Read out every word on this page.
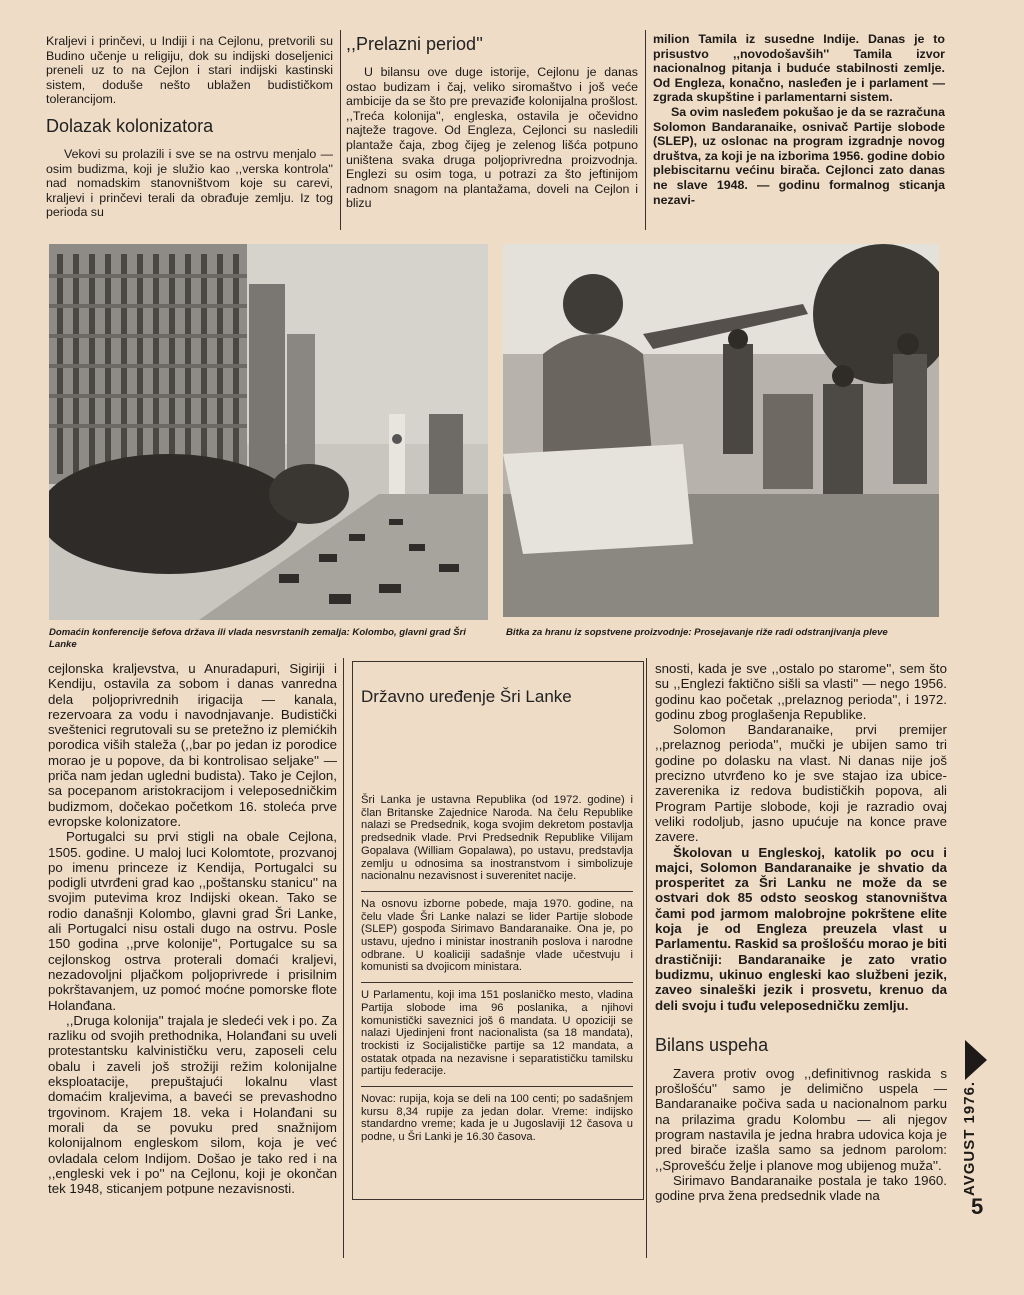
Kraljevi i prinčevi, u Indiji i na Cejlonu, pretvorili su Budino učenje u religiju, dok su indijski doseljenici preneli uz to na Cejlon i stari indijski kastinski sistem, doduše nešto ublažen budističkom tolerancijom.

Dolazak kolonizatora

Vekovi su prolazili i sve se na ostrvu menjalo — osim budizma, koji je služio kao ,,verska kontrola'' nad nomadskim stanovništvom koje su carevi, kraljevi i prinčevi terali da obrađuje zemlju. Iz tog perioda su

,,Prelazni period''

U bilansu ove duge istorije, Cejlonu je danas ostao budizam i čaj, veliko siromaštvo i još veće ambicije da se što pre prevaziđe kolonijalna prošlost. ,,Treća kolonija'', engleska, ostavila je očevidno najteže tragove. Od Engleza, Cejlonci su nasledili plantaže čaja, zbog čijeg je zelenog lišća potpuno uništena svaka druga poljoprivredna proizvodnja. Englezi su osim toga, u potrazi za što jeftinijom radnom snagom na plantažama, doveli na Cejlon i blizu

milion Tamila iz susedne Indije. Danas je to prisustvo ,,novodošavših'' Tamila izvor nacionalnog pitanja i buduće stabilnosti zemlje. Od Engleza, konačno, nasleđen je i parlament — zgrada skupštine i parlamentarni sistem.

Sa ovim nasleđem pokušao je da se razračuna Solomon Bandaranaike, osnivač Partije slobode (SLEP), uz oslonac na program izgradnje novog društva, za koji je na izborima 1956. godine dobio plebiscitarnu većinu birača. Cejlonci zato danas ne slave 1948. — godinu formalnog sticanja nezavi-

Domaćin konferencije šefova država ili vlada nesvrstanih zemalja: Kolombo, glavni grad Šri Lanke
Bitka za hranu iz sopstvene proizvodnje: Prosejavanje riže radi odstranjivanja pleve

cejlonska kraljevstva, u Anuradapuri, Sigiriji i Kendiju, ostavila za sobom i danas vanredna dela poljoprivrednih irigacija — kanala, rezervoara za vodu i navodnjavanje. Budistički sveštenici regrutovali su se pretežno iz plemićkih porodica viših staleža (,,bar po jedan iz porodice morao je u popove, da bi kontrolisao seljake'' — priča nam jedan ugledni budista). Tako je Cejlon, sa pocepanom aristokracijom i veleposedničkim budizmom, dočekao početkom 16. stoleća prve evropske kolonizatore.

Portugalci su prvi stigli na obale Cejlona, 1505. godine. U maloj luci Kolomtote, prozvanoj po imenu princeze iz Kendija, Portugalci su podigli utvrđeni grad kao ,,poštansku stanicu'' na svojim putevima kroz Indijski okean. Tako se rodio današnji Kolombo, glavni grad Šri Lanke, ali Portugalci nisu ostali dugo na ostrvu. Posle 150 godina ,,prve kolonije'', Portugalce su sa cejlonskog ostrva proterali domaći kraljevi, nezadovoljni pljačkom poljoprivrede i prisilnim pokrštavanjem, uz pomoć moćne pomorske flote Holanđana.

,,Druga kolonija'' trajala je sledeći vek i po. Za razliku od svojih prethodnika, Holanđani su uveli protestantsku kalvinističku veru, zaposeli celu obalu i zaveli još strožiji režim kolonijalne eksploatacije, prepuštajući lokalnu vlast domaćim kraljevima, a baveći se prevashodno trgovinom. Krajem 18. veka i Holanđani su morali da se povuku pred snažnijom kolonijalnom engleskom silom, koja je već ovladala celom Indijom. Došao je tako red i na ,,engleski vek i po'' na Cejlonu, koji je okončan tek 1948, sticanjem potpune nezavisnosti.

Državno uređenje Šri Lanke

Šri Lanka je ustavna Republika (od 1972. godine) i član Britanske Zajednice Naroda. Na čelu Republike nalazi se Predsednik, koga svojim dekretom postavlja predsednik vlade. Prvi Predsednik Republike Vilijam Gopalava (William Gopalawa), po ustavu, predstavlja zemlju u odnosima sa inostranstvom i simbolizuje nacionalnu nezavisnost i suverenitet nacije.

Na osnovu izborne pobede, maja 1970. godine, na čelu vlade Šri Lanke nalazi se lider Partije slobode (SLEP) gospođa Sirimavo Bandaranaike. Ona je, po ustavu, ujedno i ministar inostranih poslova i narodne odbrane. U koaliciji sadašnje vlade učestvuju i komunisti sa dvojicom ministara.

U Parlamentu, koji ima 151 poslaničko mesto, vladina Partija slobode ima 96 poslanika, a njihovi komunistički saveznici još 6 mandata. U opoziciji se nalazi Ujedinjeni front nacionalista (sa 18 mandata), trockisti iz Socijalističke partije sa 12 mandata, a ostatak otpada na nezavisne i separatističku tamilsku partiju federacije.

Novac: rupija, koja se deli na 100 centi; po sadašnjem kursu 8,34 rupije za jedan dolar. Vreme: indijsko standardno vreme; kada je u Jugoslaviji 12 časova u podne, u Šri Lanki je 16.30 časova.

snosti, kada je sve ,,ostalo po starome'', sem što su ,,Englezi faktično sišli sa vlasti'' — nego 1956. godinu kao početak ,,prelaznog perioda'', i 1972. godinu zbog proglašenja Republike.

Solomon Bandaranaike, prvi premijer ,,prelaznog perioda'', mučki je ubijen samo tri godine po dolasku na vlast. Ni danas nije još precizno utvrđeno ko je sve stajao iza ubice-zaverenika iz redova budističkih popova, ali Program Partije slobode, koji je razradio ovaj veliki rodoljub, jasno upućuje na konce prave zavere.

Školovan u Engleskoj, katolik po ocu i majci, Solomon Bandaranaike je shvatio da prosperitet za Šri Lanku ne može da se ostvari dok 85 odsto seoskog stanovništva čami pod jarmom malobrojne pokrštene elite koja je od Engleza preuzela vlast u Parlamentu. Raskid sa prošlošću morao je biti drastičniji: Bandaranaike je zato vratio budizmu, ukinuo engleski kao službeni jezik, zaveo sinaleški jezik i prosvetu, krenuo da deli svoju i tuđu veleposedničku zemlju.

Bilans uspeha

Zavera protiv ovog ,,definitivnog raskida s prošlošću'' samo je delimično uspela — Bandaranaike počiva sada u nacionalnom parku na prilazima gradu Kolombu — ali njegov program nastavila je jedna hrabra udovica koja je pred birače izašla samo sa jednom parolom: ,,Sprovešću želje i planove mog ubijenog muža''.

Sirimavo Bandaranaike postala je tako 1960. godine prva žena predsednik vlade na

AVGUST 1976.
5
